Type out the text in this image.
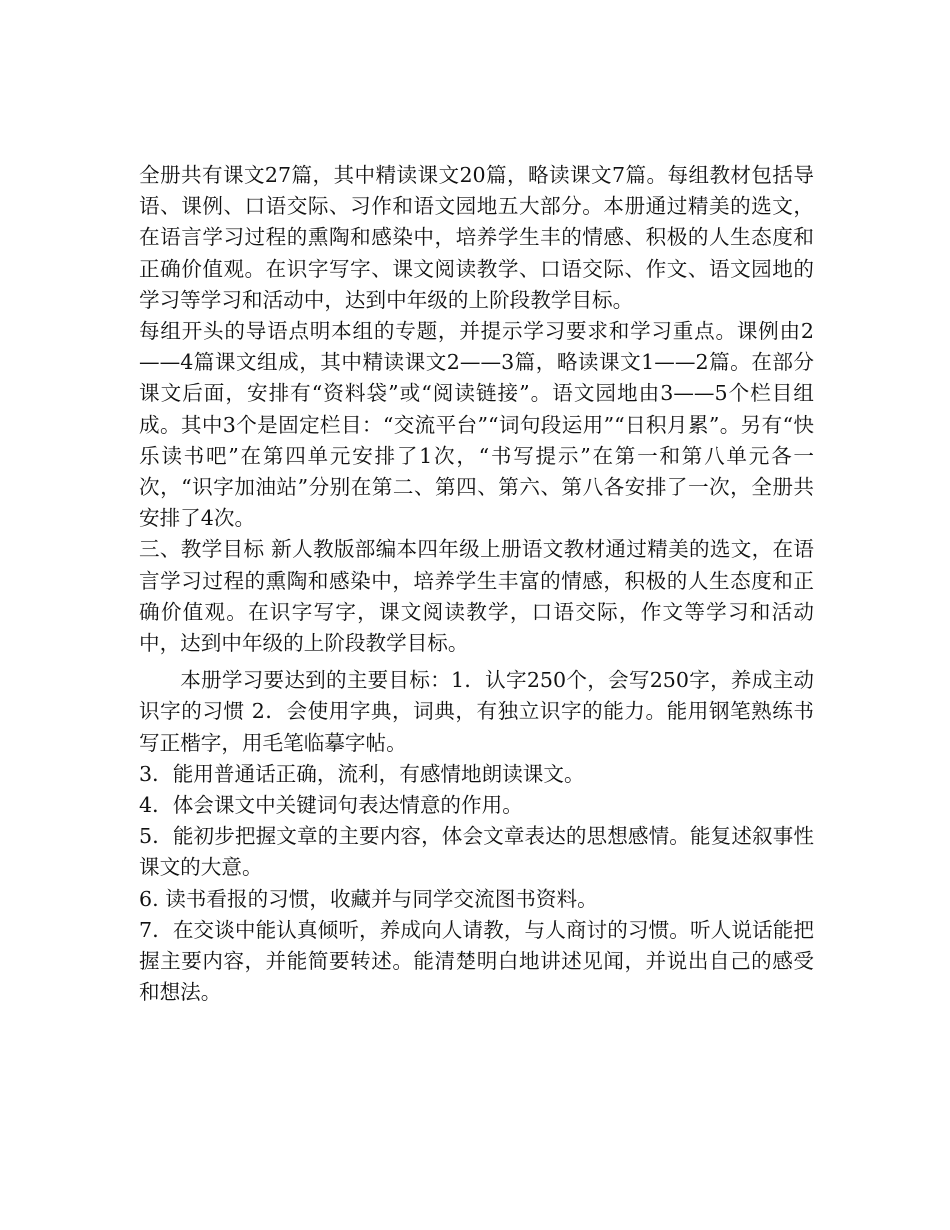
全册共有课文27篇，其中精读课文20篇，略读课文7篇。每组教材包括导语、课例、口语交际、习作和语文园地五大部分。本册通过精美的选文，在语言学习过程的熏陶和感染中，培养学生丰的情感、积极的人生态度和正确价值观。在识字写字、课文阅读教学、口语交际、作文、语文园地的学习等学习和活动中，达到中年级的上阶段教学目标。

每组开头的导语点明本组的专题，并提示学习要求和学习重点。课例由2——4篇课文组成，其中精读课文2——3篇，略读课文1——2篇。在部分课文后面，安排有“资料袋”或“阅读链接”。语文园地由3——5个栏目组成。其中3个是固定栏目：“交流平台”“词句段运用”“日积月累”。另有“快乐读书吧”在第四单元安排了1次，“书写提示”在第一和第八单元各一次，“识字加油站”分别在第二、第四、第六、第八各安排了一次，全册共安排了4次。

三、教学目标 新人教版部编本四年级上册语文教材通过精美的选文，在语言学习过程的熏陶和感染中，培养学生丰富的情感，积极的人生态度和正确价值观。在识字写字，课文阅读教学，口语交际，作文等学习和活动中，达到中年级的上阶段教学目标。

本册学习要达到的主要目标：1．认字250个，会写250字，养成主动识字的习惯 2．会使用字典，词典，有独立识字的能力。能用钢笔熟练书写正楷字，用毛笔临摹字帖。

3．能用普通话正确，流利，有感情地朗读课文。

4．体会课文中关键词句表达情意的作用。

5．能初步把握文章的主要内容，体会文章表达的思想感情。能复述叙事性课文的大意。

6. 读书看报的习惯，收藏并与同学交流图书资料。

7．在交谈中能认真倾听，养成向人请教，与人商讨的习惯。听人说话能把握主要内容，并能简要转述。能清楚明白地讲述见闻，并说出自己的感受和想法。
